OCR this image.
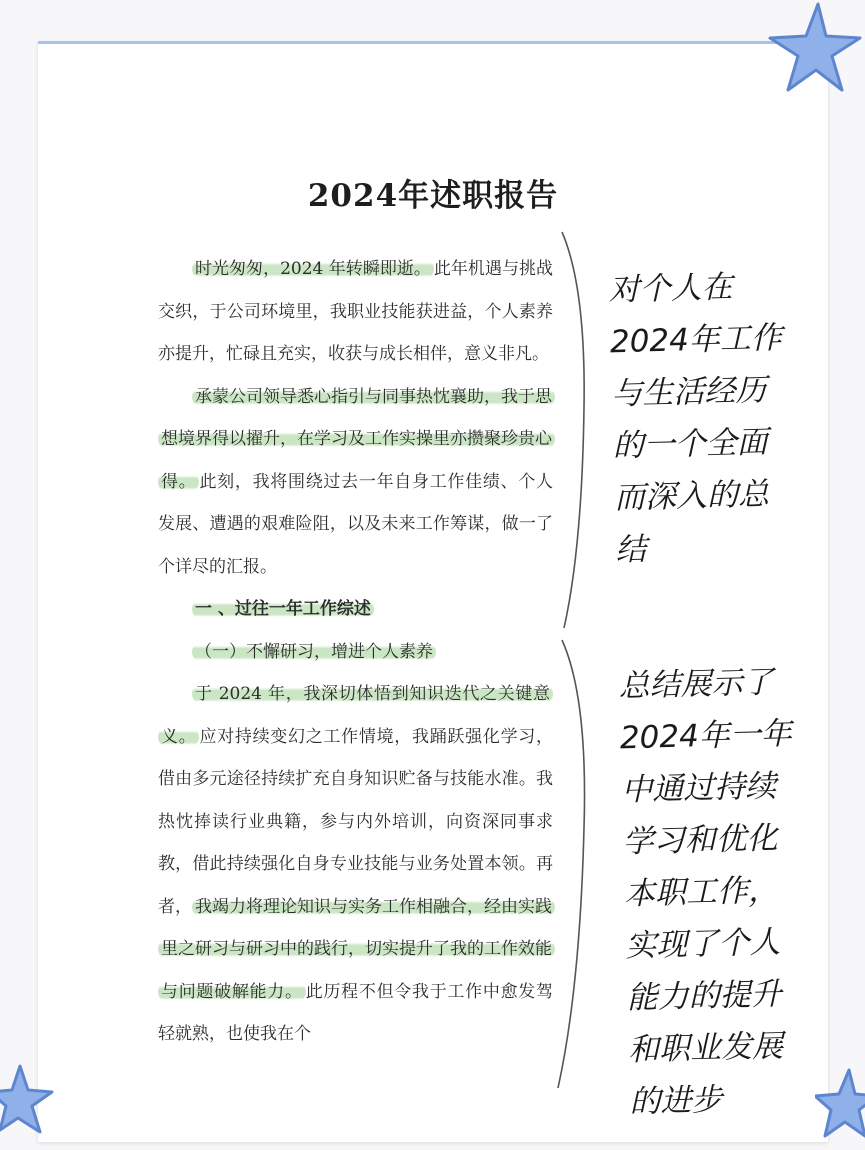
2024年述职报告

时光匆匆，2024 年转瞬即逝。 此年机遇与挑战交织，于公司环境里，我职业技能获进益，个人素养亦提升，忙碌且充实，收获与成长相伴，意义非凡。

承蒙公司领导悉心指引与同事热忱襄助，我于思想境界得以擢升，在学习及工作实操里亦攒聚珍贵心得。 此刻，我将围绕过去一年自身工作佳绩、个人发展、遭遇的艰难险阻，以及未来工作筹谋，做一了个详尽的汇报。

一 、过往一年工作综述

（一）不懈研习，增进个人素养

于 2024 年，我深切体悟到知识迭代之关键意义。 应对持续变幻之工作情境，我踊跃强化学习，借由多元途径持续扩充自身知识贮备与技能水准。我热忱捧读行业典籍，参与内外培训，向资深同事求教，借此持续强化自身专业技能与业务处置本领。再者， 我竭力将理论知识与实务工作相融合，经由实践里之研习与研习中的践行，切实提升了我的工作效能与问题破解能力。 此历程不但令我于工作中愈发驾轻就熟，也使我在个

对个人在
2024年工作
与生活经历
的一个全面
而深入的总
结
总结展示了
2024年一年
中通过持续
学习和优化
本职工作，
实现了个人
能力的提升
和职业发展
的进步
